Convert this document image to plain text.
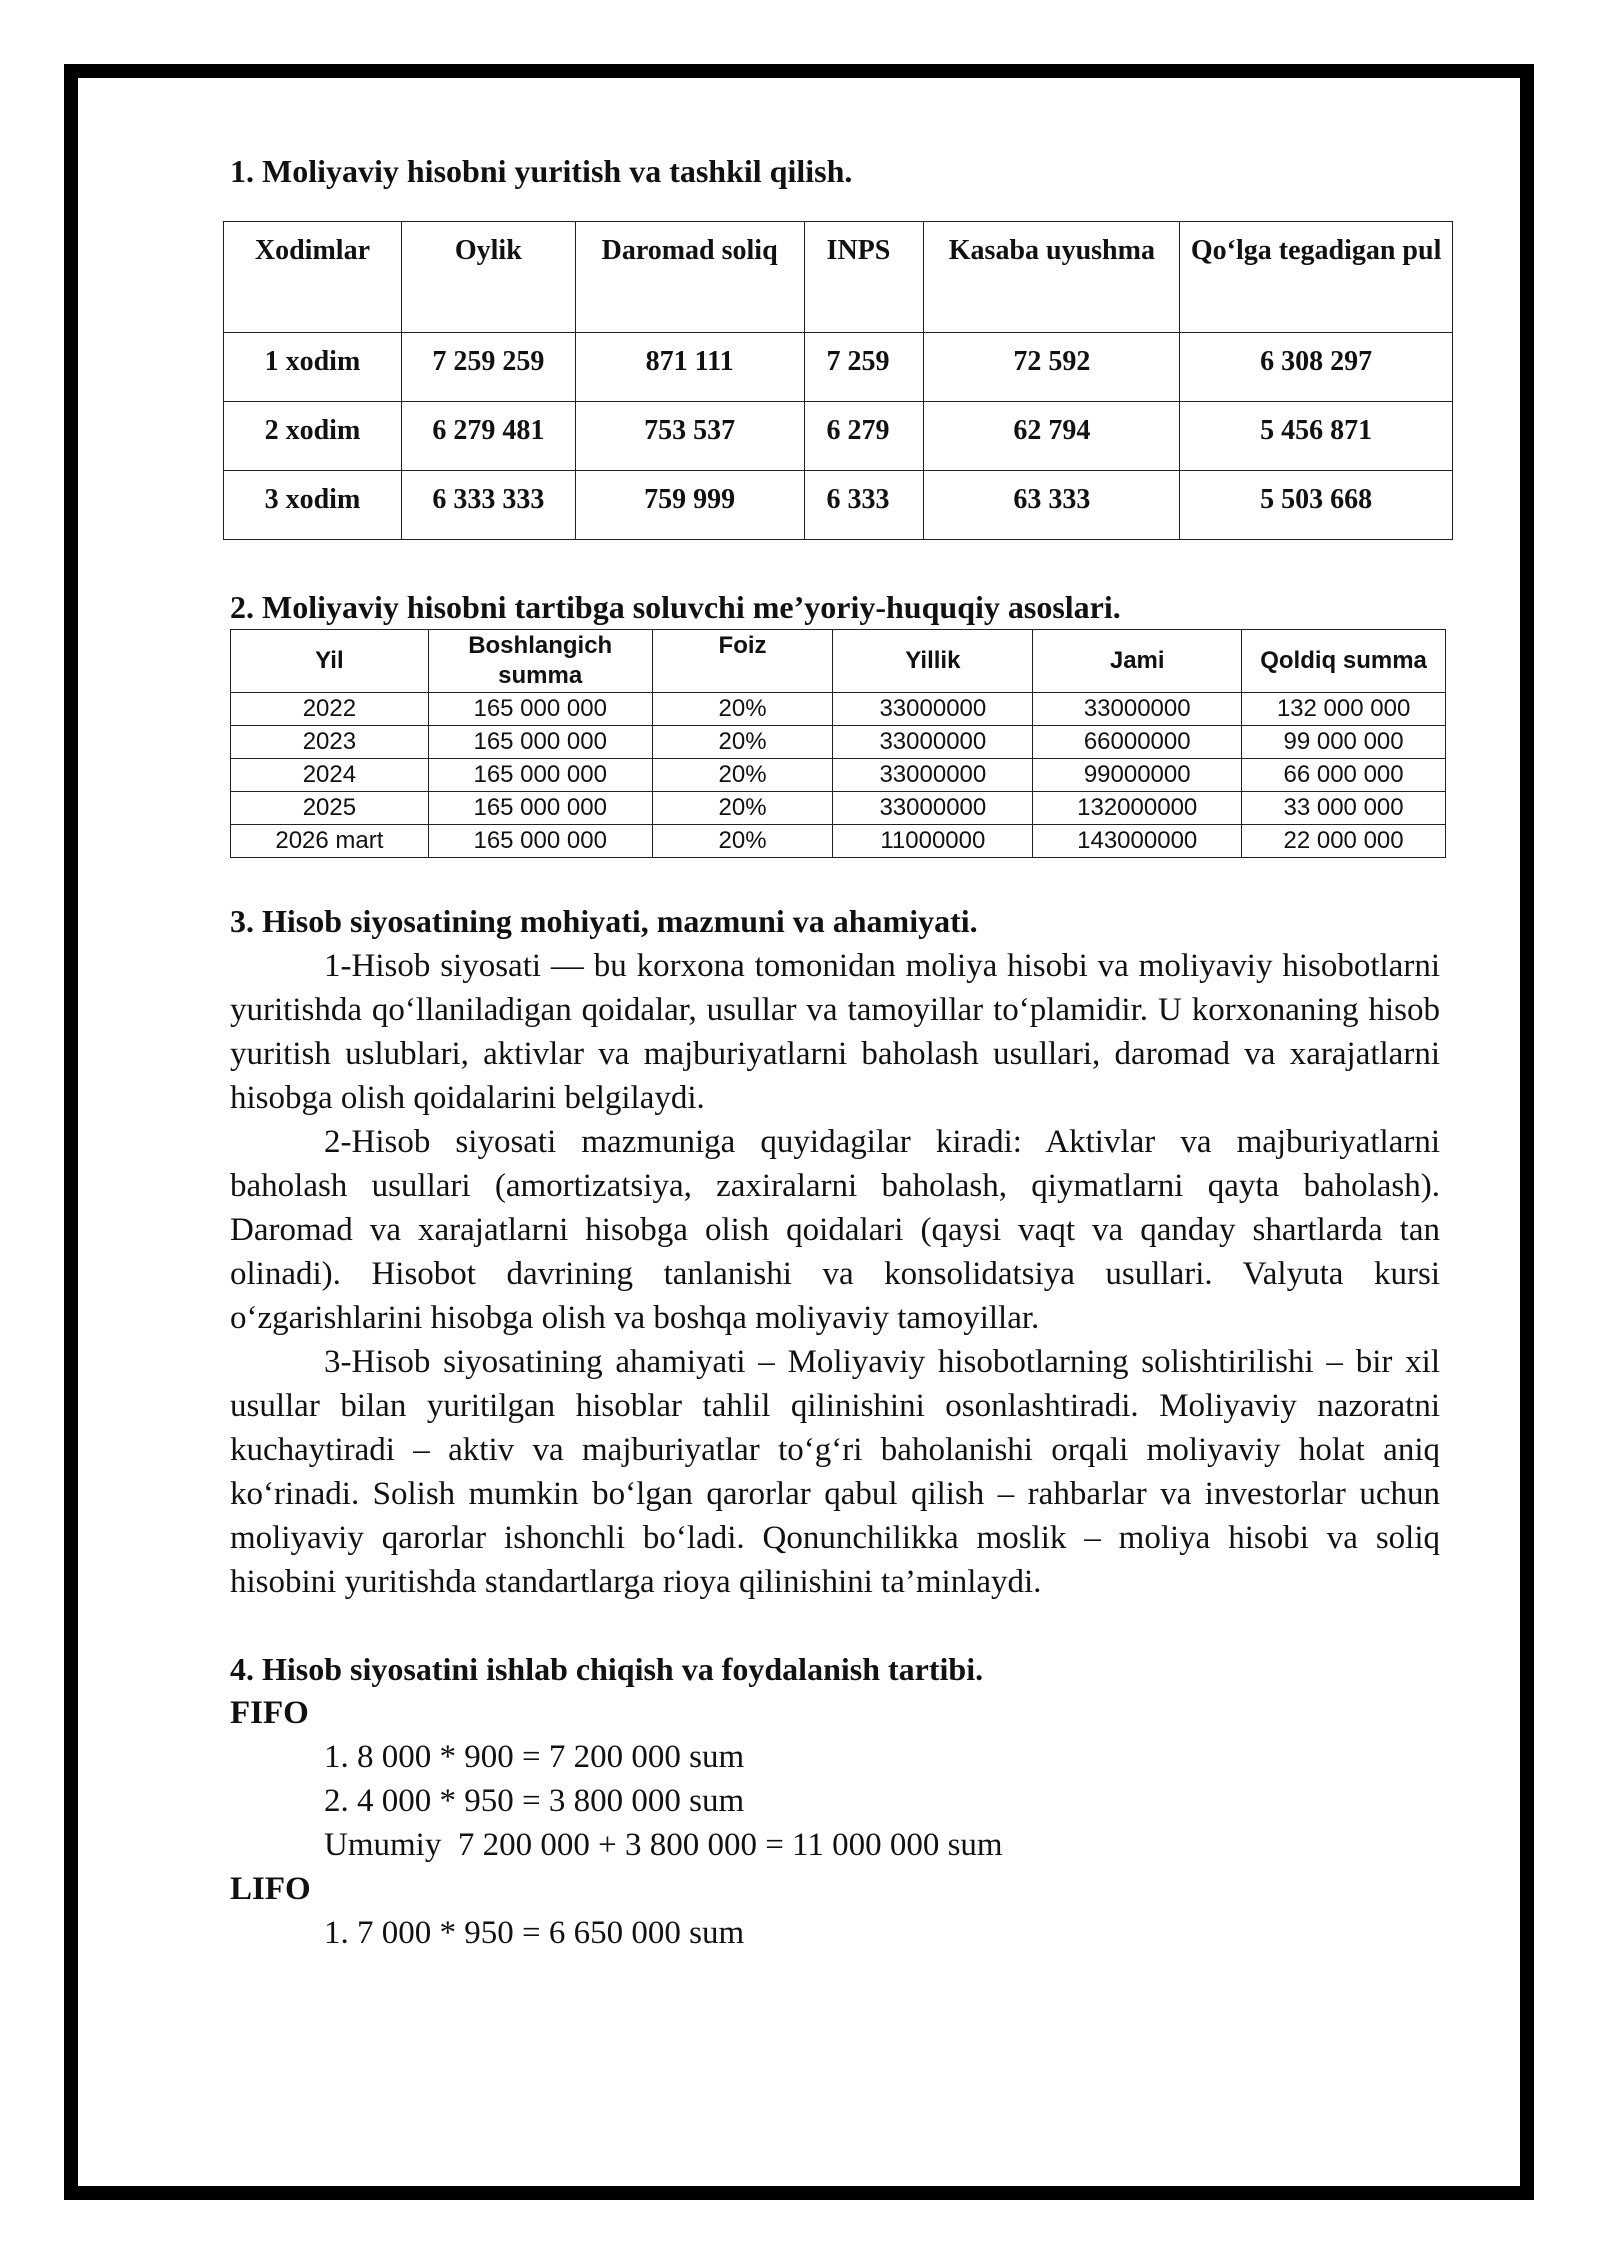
1. Moliyaviy hisobni yuritish va tashkil qilish.
Xodimlar	Oylik	Daromad soliq	INPS	Kasaba uyushma	Qo‘lga tegadigan pul
1 xodim	7 259 259	871 111	7 259	72 592	6 308 297
2 xodim	6 279 481	753 537	6 279	62 794	5 456 871
3 xodim	6 333 333	759 999	6 333	63 333	5 503 668
2. Moliyaviy hisobni tartibga soluvchi me’yoriy-huquqiy asoslari.
Yil	Boshlangich summa	Foiz	Yillik	Jami	Qoldiq summa
2022	165 000 000	20%	33000000	33000000	132 000 000
2023	165 000 000	20%	33000000	66000000	99 000 000
2024	165 000 000	20%	33000000	99000000	66 000 000
2025	165 000 000	20%	33000000	132000000	33 000 000
2026 mart	165 000 000	20%	11000000	143000000	22 000 000
3. Hisob siyosatining mohiyati, mazmuni va ahamiyati.

1-Hisob siyosati — bu korxona tomonidan moliya hisobi va moliyaviy hisobotlarni yuritishda qo‘llaniladigan qoidalar, usullar va tamoyillar to‘plamidir. U korxonaning hisob yuritish uslublari, aktivlar va majburiyatlarni baholash usullari, daromad va xarajatlarni hisobga olish qoidalarini belgilaydi.

2-Hisob siyosati mazmuniga quyidagilar kiradi: Aktivlar va majburiyatlarni baholash usullari (amortizatsiya, zaxiralarni baholash, qiymatlarni qayta baholash). Daromad va xarajatlarni hisobga olish qoidalari (qaysi vaqt va qanday shartlarda tan olinadi). Hisobot davrining tanlanishi va konsolidatsiya usullari. Valyuta kursi o‘zgarishlarini hisobga olish va boshqa moliyaviy tamoyillar.

3-Hisob siyosatining ahamiyati – Moliyaviy hisobotlarning solishtirilishi – bir xil usullar bilan yuritilgan hisoblar tahlil qilinishini osonlashtiradi. Moliyaviy nazoratni kuchaytiradi – aktiv va majburiyatlar to‘g‘ri baholanishi orqali moliyaviy holat aniq ko‘rinadi. Solish mumkin bo‘lgan qarorlar qabul qilish – rahbarlar va investorlar uchun moliyaviy qarorlar ishonchli bo‘ladi. Qonunchilikka moslik – moliya hisobi va soliq hisobini yuritishda standartlarga rioya qilinishini ta’minlaydi.

4. Hisob siyosatini ishlab chiqish va foydalanish tartibi.
FIFO
1. 8 000 * 900 = 7 200 000 sum
2. 4 000 * 950 = 3 800 000 sum
Umumiy  7 200 000 + 3 800 000 = 11 000 000 sum
LIFO
1. 7 000 * 950 = 6 650 000 sum
